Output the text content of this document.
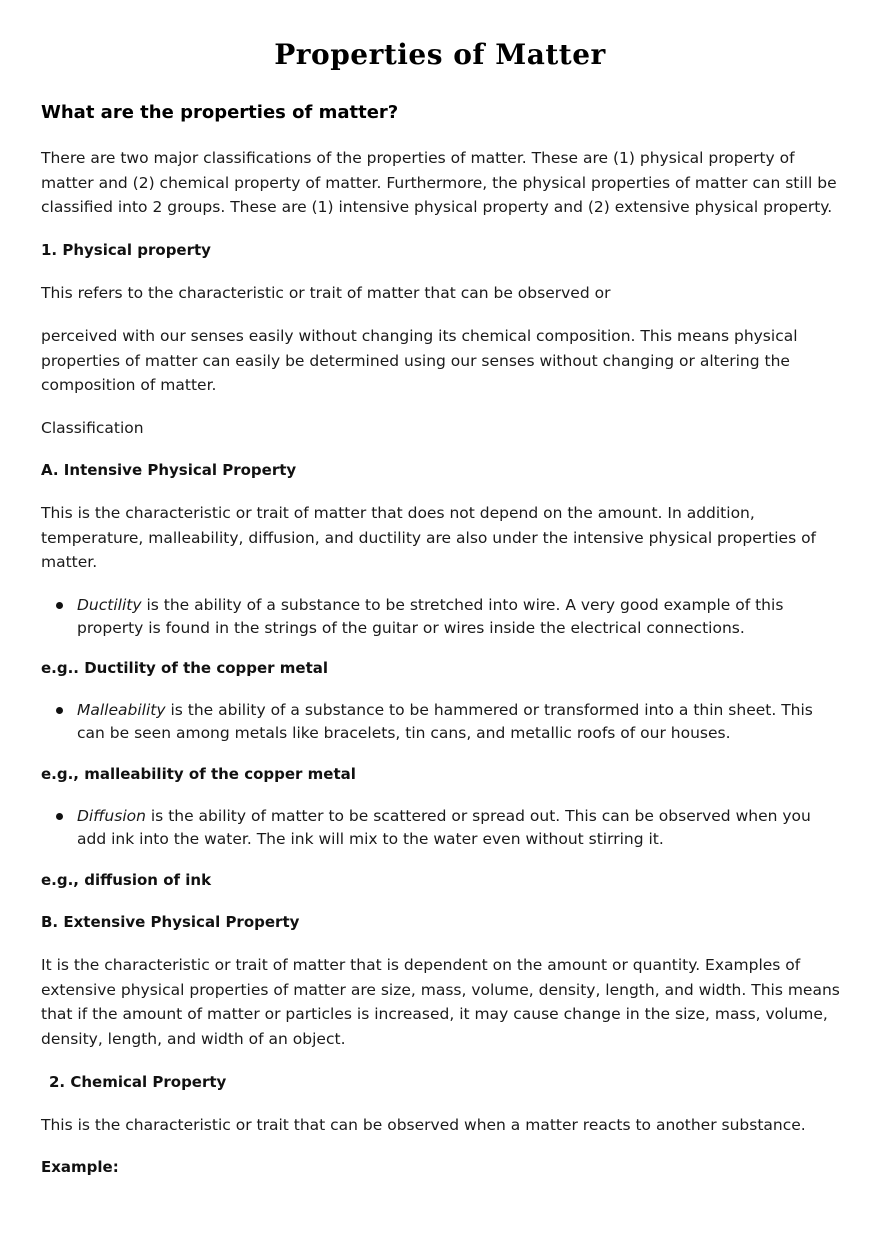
Properties of Matter
What are the properties of matter?
There are two major classifications of the properties of matter. These are (1) physical property of matter and (2) chemical property of matter. Furthermore, the physical properties of matter can still be classified into 2 groups. These are (1) intensive physical property and (2) extensive physical property.
1. Physical property
This refers to the characteristic or trait of matter that can be observed or
perceived with our senses easily without changing its chemical composition. This means physical properties of matter can easily be determined using our senses without changing or altering the composition of matter.
Classification
A. Intensive Physical Property
This is the characteristic or trait of matter that does not depend on the amount. In addition, temperature, malleability, diffusion, and ductility are also under the intensive physical properties of matter.
Ductility is the ability of a substance to be stretched into wire. A very good example of this property is found in the strings of the guitar or wires inside the electrical connections.
e.g.. Ductility of the copper metal
Malleability is the ability of a substance to be hammered or transformed into a thin sheet. This can be seen among metals like bracelets, tin cans, and metallic roofs of our houses.
e.g., malleability of the copper metal
Diffusion is the ability of matter to be scattered or spread out. This can be observed when you add ink into the water. The ink will mix to the water even without stirring it.
e.g., diffusion of ink
B. Extensive Physical Property
It is the characteristic or trait of matter that is dependent on the amount or quantity. Examples of extensive physical properties of matter are size, mass, volume, density, length, and width. This means that if the amount of matter or particles is increased, it may cause change in the size, mass, volume, density, length, and width of an object.
2. Chemical Property
This is the characteristic or trait that can be observed when a matter reacts to another substance.
Example:
